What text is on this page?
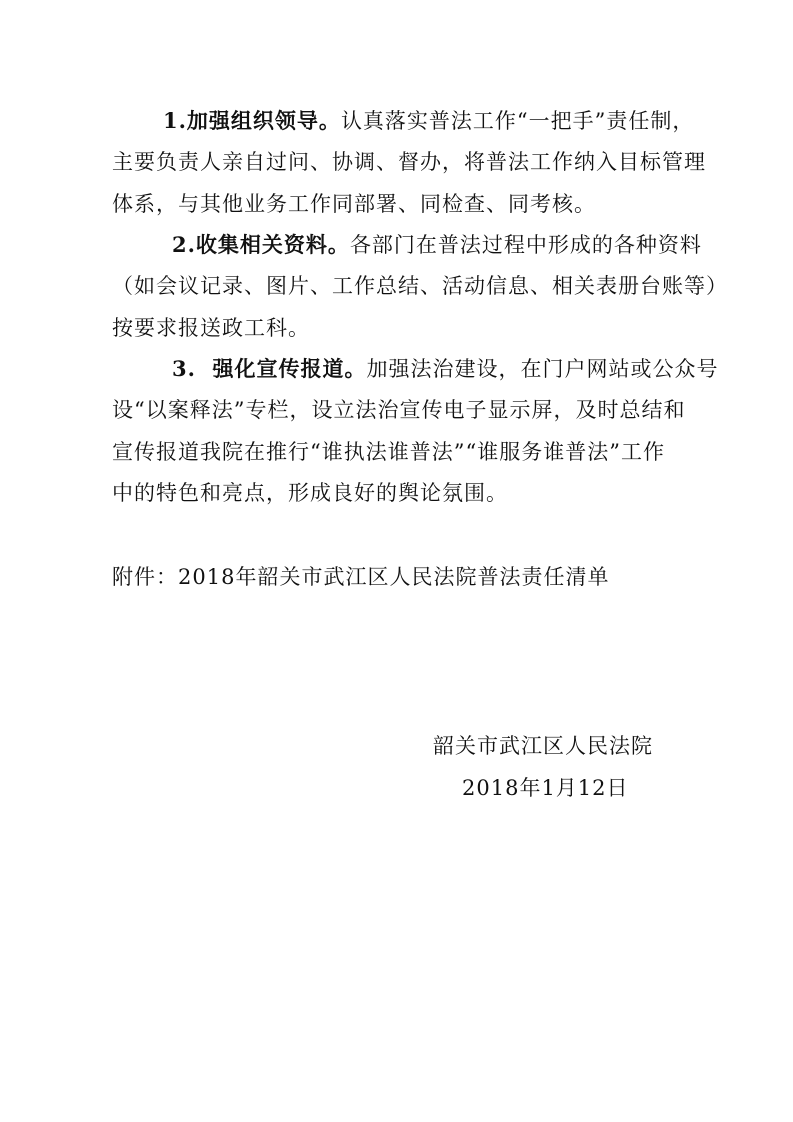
1.加强组织领导。认真落实普法工作“一把手”责任制，
主要负责人亲自过问、协调、督办，将普法工作纳入目标管理
体系，与其他业务工作同部署、同检查、同考核。
2.收集相关资料。各部门在普法过程中形成的各种资料
（如会议记录、图片、工作总结、活动信息、相关表册台账等）
按要求报送政工科。
3.  强化宣传报道。加强法治建设，在门户网站或公众号
设“以案释法”专栏，设立法治宣传电子显示屏，及时总结和
宣传报道我院在推行“谁执法谁普法”“谁服务谁普法”工作
中的特色和亮点，形成良好的舆论氛围。
附件：2018年韶关市武江区人民法院普法责任清单
韶关市武江区人民法院
2018年1月12日
